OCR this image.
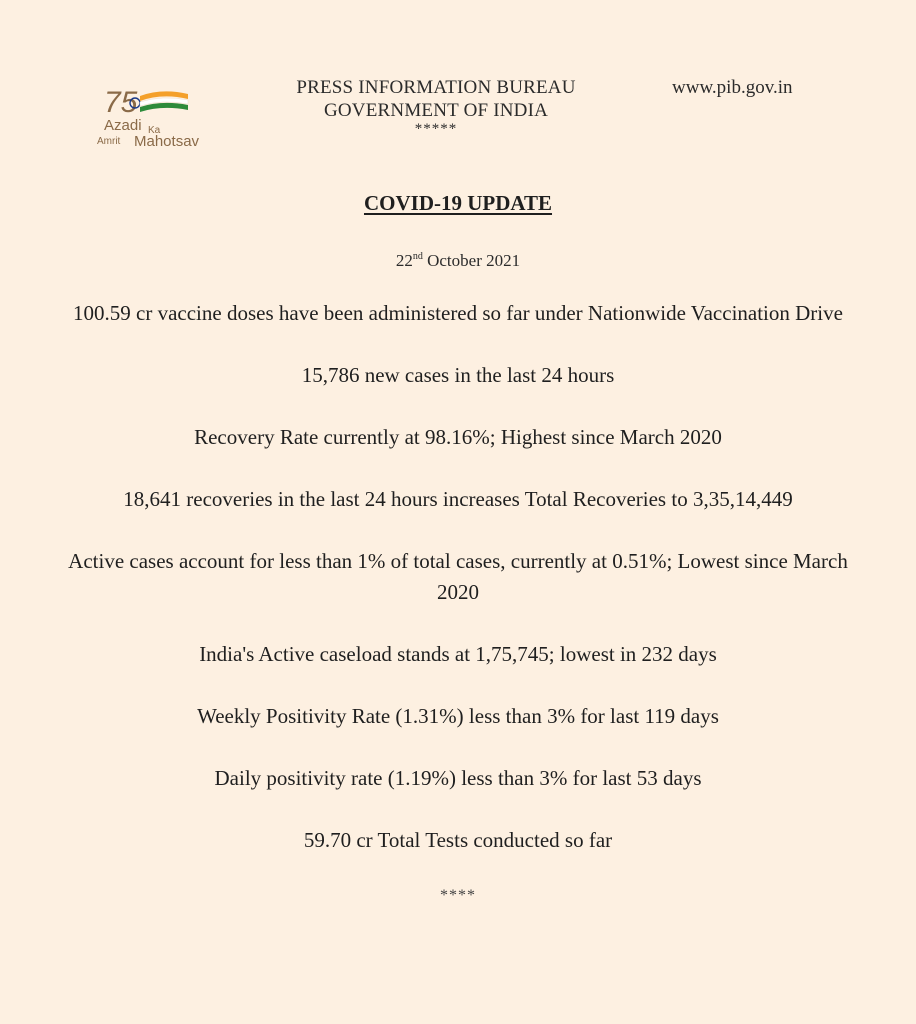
75
Azadi Ka
Amrit Mahotsav
PRESS INFORMATION BUREAU
GOVERNMENT OF INDIA
*****
www.pib.gov.in
COVID-19 UPDATE
22nd October 2021

100.59 cr vaccine doses have been administered so far under Nationwide Vaccination Drive

15,786 new cases in the last 24 hours

Recovery Rate currently at 98.16%; Highest since March 2020

18,641 recoveries in the last 24 hours increases Total Recoveries to 3,35,14,449

Active cases account for less than 1% of total cases, currently at 0.51%; Lowest since March 2020

India's Active caseload stands at 1,75,745; lowest in 232 days

Weekly Positivity Rate (1.31%) less than 3% for last 119 days

Daily positivity rate (1.19%) less than 3% for last 53 days

59.70 cr Total Tests conducted so far

****
